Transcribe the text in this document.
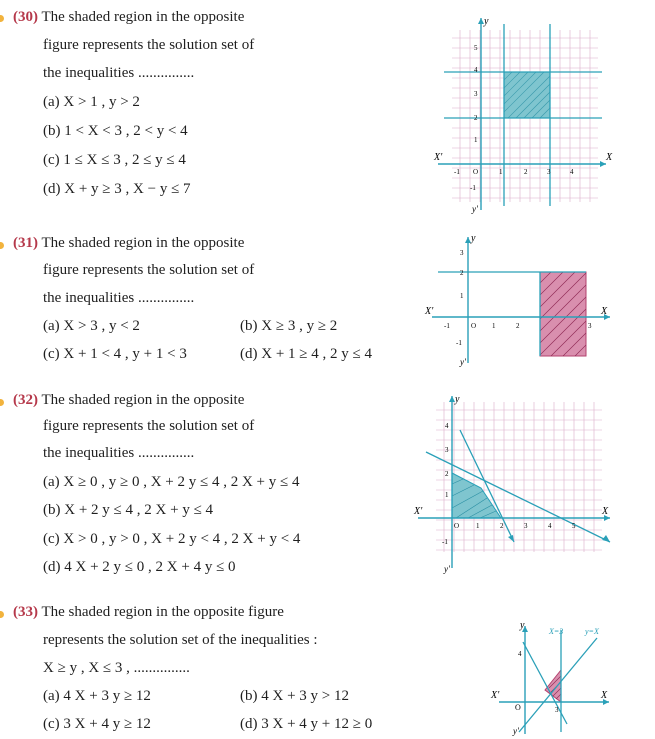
(30) The shaded region in the opposite
figure represents the solution set of
the inequalities ...............
(a) X > 1 , y > 2
(b) 1 < X < 3 , 2 < y < 4
(c) 1 ≤ X ≤ 3 , 2 ≤ y ≤ 4
(d) X + y ≥ 3 , X − y ≤ 7
X
X'
y
y'
-1 O	1	2	3	4
-1
1
2
3
4
5
(31) The shaded region in the opposite
figure represents the solution set of
the inequalities ...............
(a) X > 3 , y < 2	(b) X ≥ 3 , y ≥ 2
(c) X + 1 < 4 , y + 1 < 3	(d) X + 1 ≥ 4 , 2 y ≤ 4
X
X'
y
y'
-1	O 1	2	3
-1
1
2
3
(32) The shaded region in the opposite
figure represents the solution set of
the inequalities ...............
(a) X ≥ 0 , y ≥ 0 , X + 2 y ≤ 4 , 2 X + y ≤ 4
(b) X + 2 y ≤ 4 , 2 X + y ≤ 4
(c) X > 0 , y > 0 , X + 2 y < 4 , 2 X + y < 4
(d) 4 X + 2 y ≤ 0 , 2 X + 4 y ≤ 0
X
X'
y
y'
O 1	2	3	4	5
-1
1
2
3
4
(33) The shaded region in the opposite figure
represents the solution set of the inequalities :
X ≥ y , X ≤ 3 , ...............
(a) 4 X + 3 y ≥ 12	(b) 4 X + 3 y > 12
(c) 3 X + 4 y ≥ 12	(d) 3 X + 4 y + 12 ≥ 0
X=3	y=X
X
X'
y
y'
O	3
4
